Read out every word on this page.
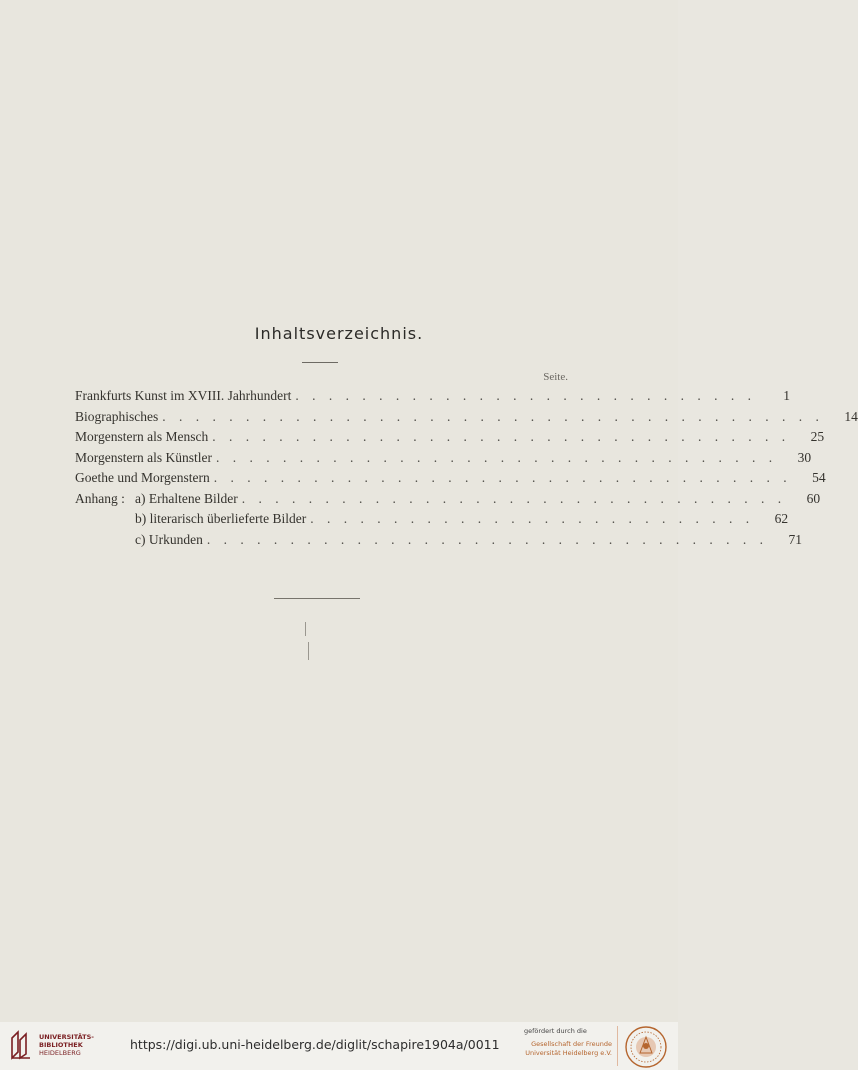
Inhaltsverzeichnis.
Seite.
Frankfurts Kunst im XVIII. Jahrhundert . . . . . . . . . . . . . . . . . . . . . . . . . . . .	1
Biographisches . . . . . . . . . . . . . . . . . . . . . . . . . . . . . . . . . . . . . . . .	14
Morgenstern als Mensch . . . . . . . . . . . . . . . . . . . . . . . . . . . . . . . . . . .	25
Morgenstern als Künstler . . . . . . . . . . . . . . . . . . . . . . . . . . . . . . . . . .	30
Goethe und Morgenstern . . . . . . . . . . . . . . . . . . . . . . . . . . . . . . . . . . .	54
Anhang : a) Erhaltene Bilder . . . . . . . . . . . . . . . . . . . . . . . . . . . . . . . . .	60
b) literarisch überlieferte Bilder . . . . . . . . . . . . . . . . . . . . . . . . . . .	62
c) Urkunden . . . . . . . . . . . . . . . . . . . . . . . . . . . . . . . . . .	71
UNIVERSITÄTS-
BIBLIOTHEK
HEIDELBERG
https://digi.ub.uni-heidelberg.de/diglit/schapire1904a/0011
gefördert durch die
Gesellschaft der Freunde
Universität Heidelberg e.V.
